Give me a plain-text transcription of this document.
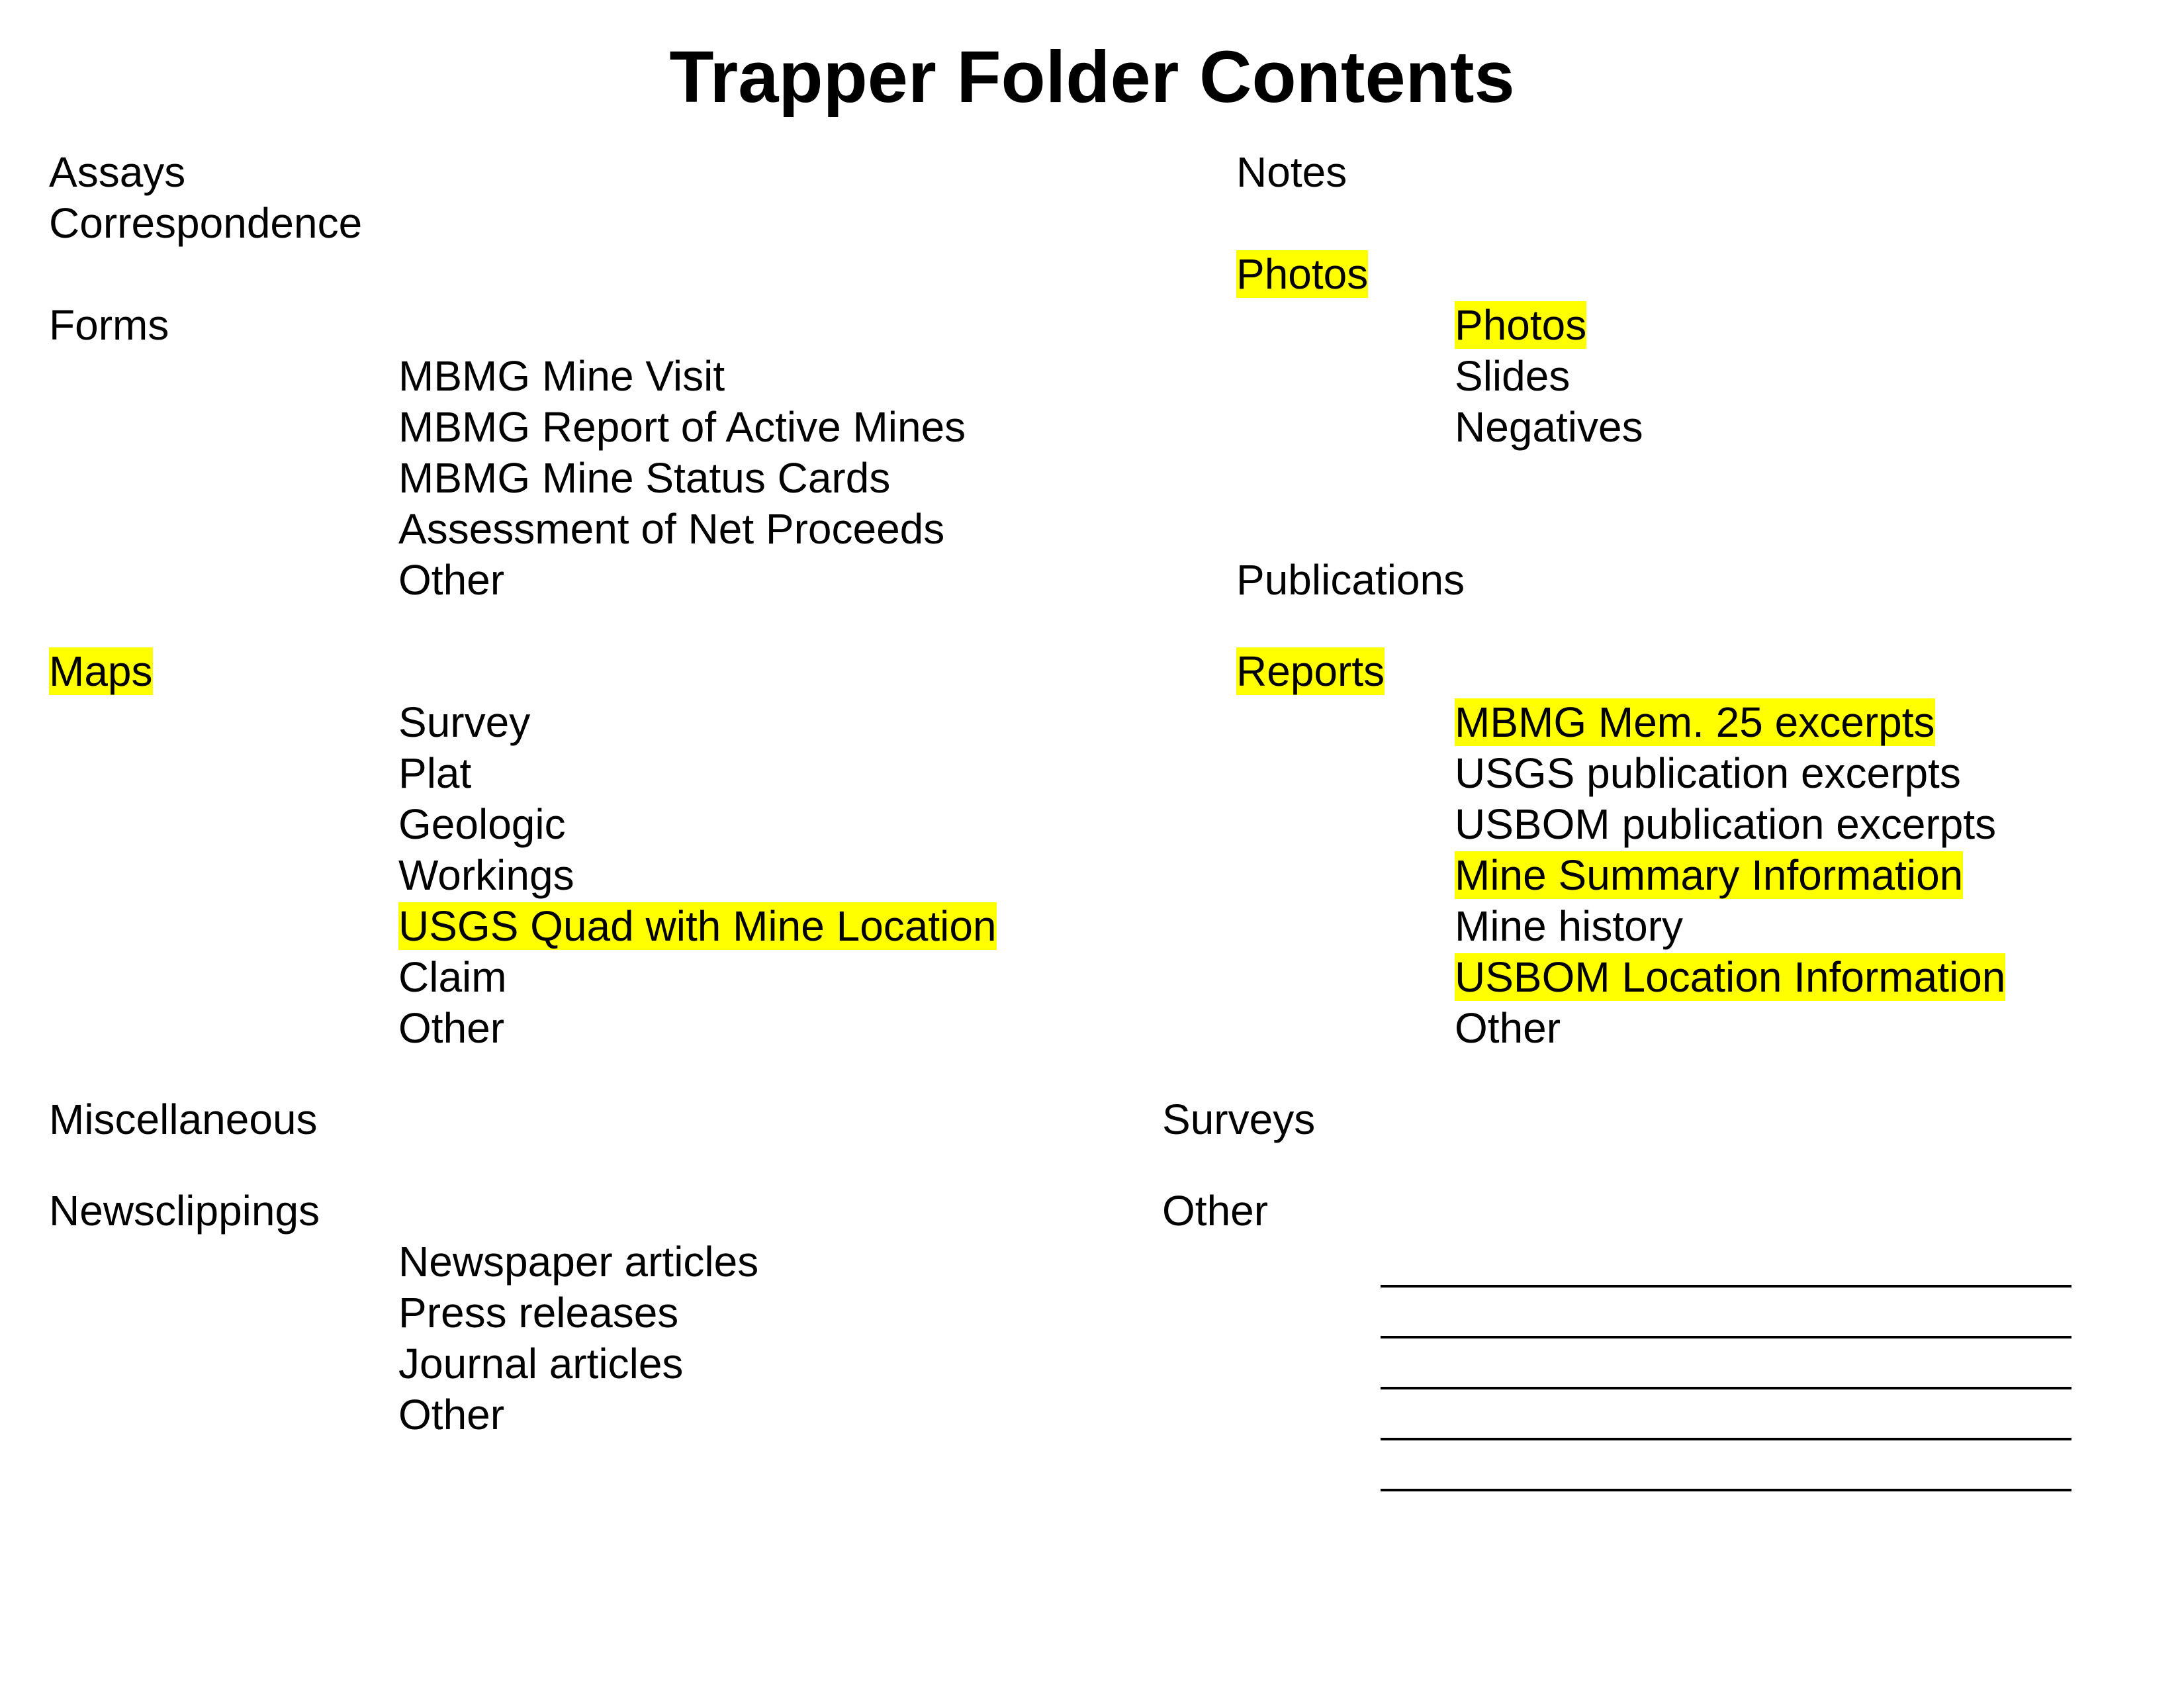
Trapper Folder Contents

Assays

Correspondence

Forms

MBMG Mine Visit

MBMG Report of Active Mines

MBMG Mine Status Cards

Assessment of Net Proceeds

Other

Maps

Survey

Plat

Geologic

Workings

USGS Quad with Mine Location

Claim

Other

Miscellaneous

Newsclippings

Newspaper articles

Press releases

Journal articles

Other

Notes

Photos

Photos

Slides

Negatives

Publications

Reports

MBMG Mem. 25 excerpts

USGS publication excerpts

USBOM publication excerpts

Mine Summary Information

Mine history

USBOM Location Information

Other

Surveys

Other
